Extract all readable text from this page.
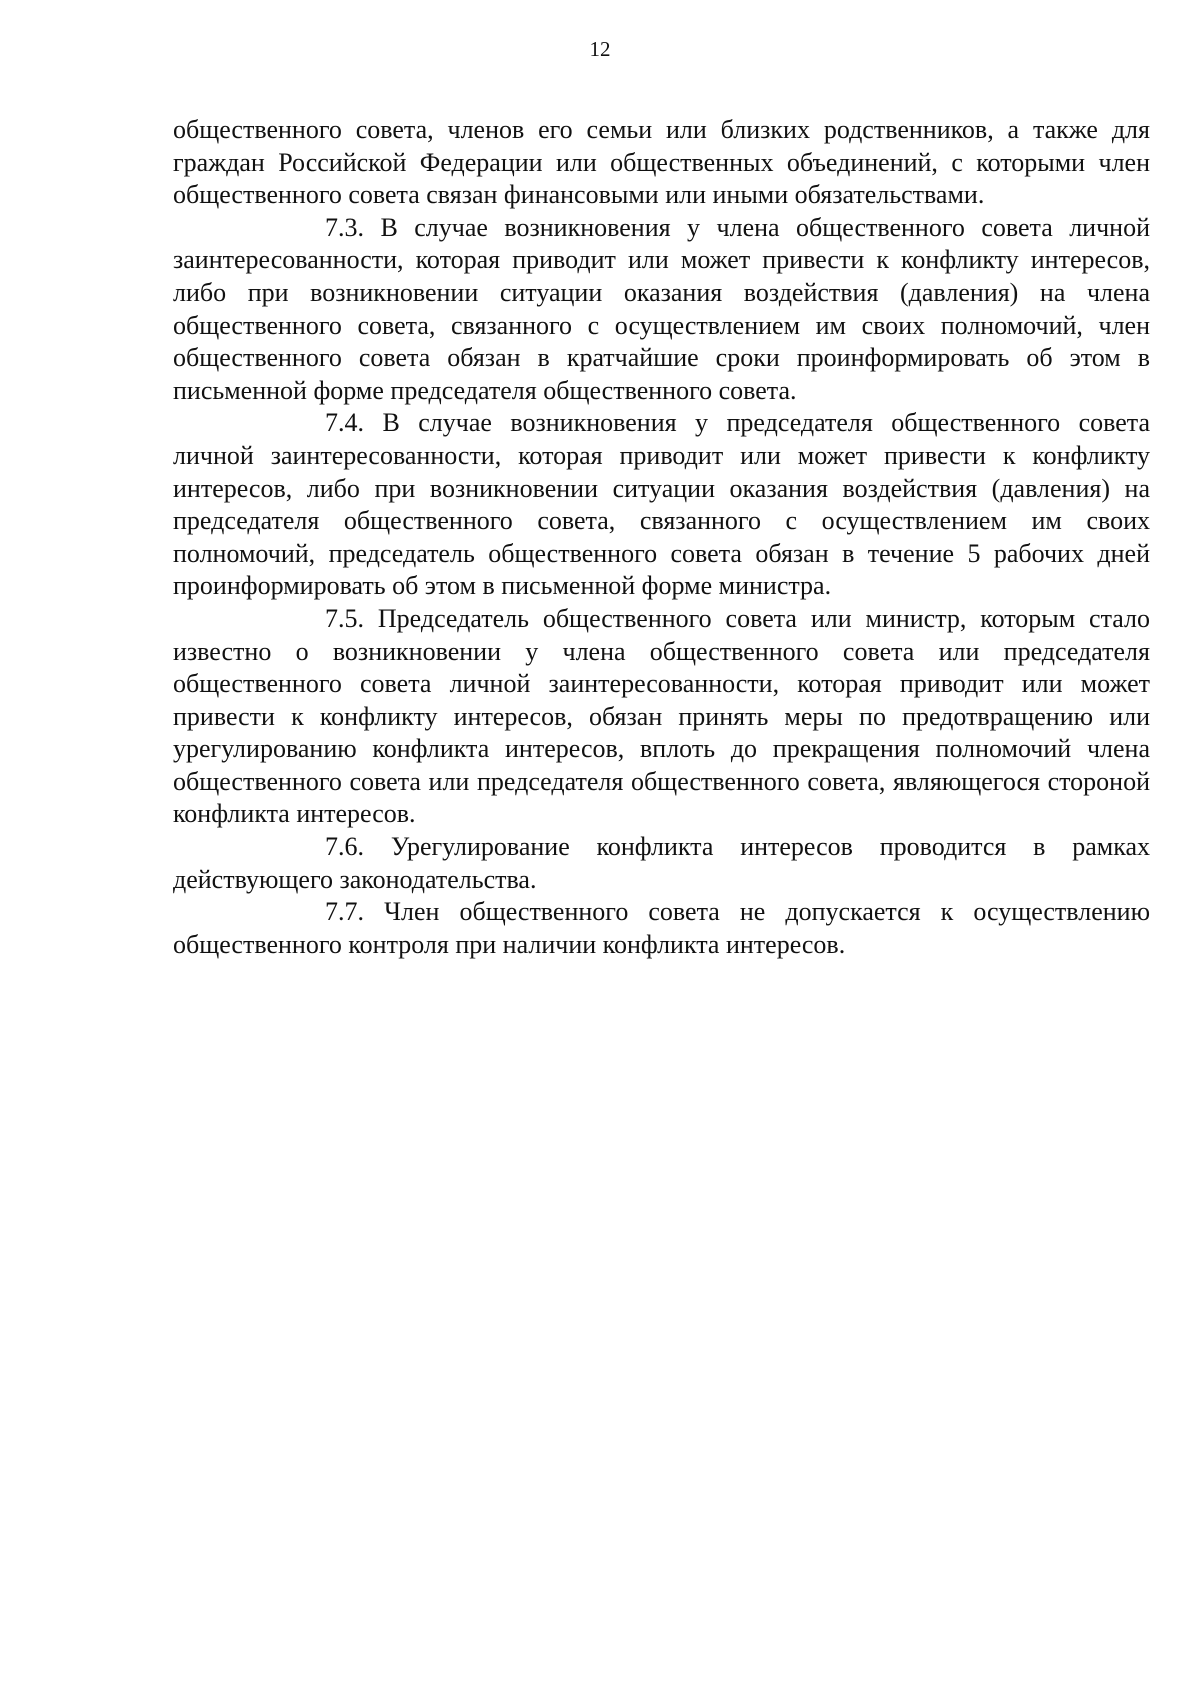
12

общественного совета, членов его семьи или близких родственников, а также для граждан Российской Федерации или общественных объединений, с которыми член общественного совета связан финансовыми или иными обязательствами.

7.3. В случае возникновения у члена общественного совета личной заинтересованности, которая приводит или может привести к конфликту интересов, либо при возникновении ситуации оказания воздействия (давления) на члена общественного совета, связанного с осуществлением им своих полномочий, член общественного совета обязан в кратчайшие сроки проинформировать об этом в письменной форме председателя общественного совета.

7.4. В случае возникновения у председателя общественного совета личной заинтересованности, которая приводит или может привести к конфликту интересов, либо при возникновении ситуации оказания воздействия (давления) на председателя общественного совета, связанного с осуществлением им своих полномочий, председатель общественного совета обязан в течение 5 рабочих дней проинформировать об этом в письменной форме министра.

7.5. Председатель общественного совета или министр, которым стало известно о возникновении у члена общественного совета или председателя общественного совета личной заинтересованности, которая приводит или может привести к конфликту интересов, обязан принять меры по предотвращению или урегулированию конфликта интересов, вплоть до прекращения полномочий члена общественного совета или председателя общественного совета, являющегося стороной конфликта интересов.

7.6. Урегулирование конфликта интересов проводится в рамках действующего законодательства.

7.7. Член общественного совета не допускается к осуществлению общественного контроля при наличии конфликта интересов.
